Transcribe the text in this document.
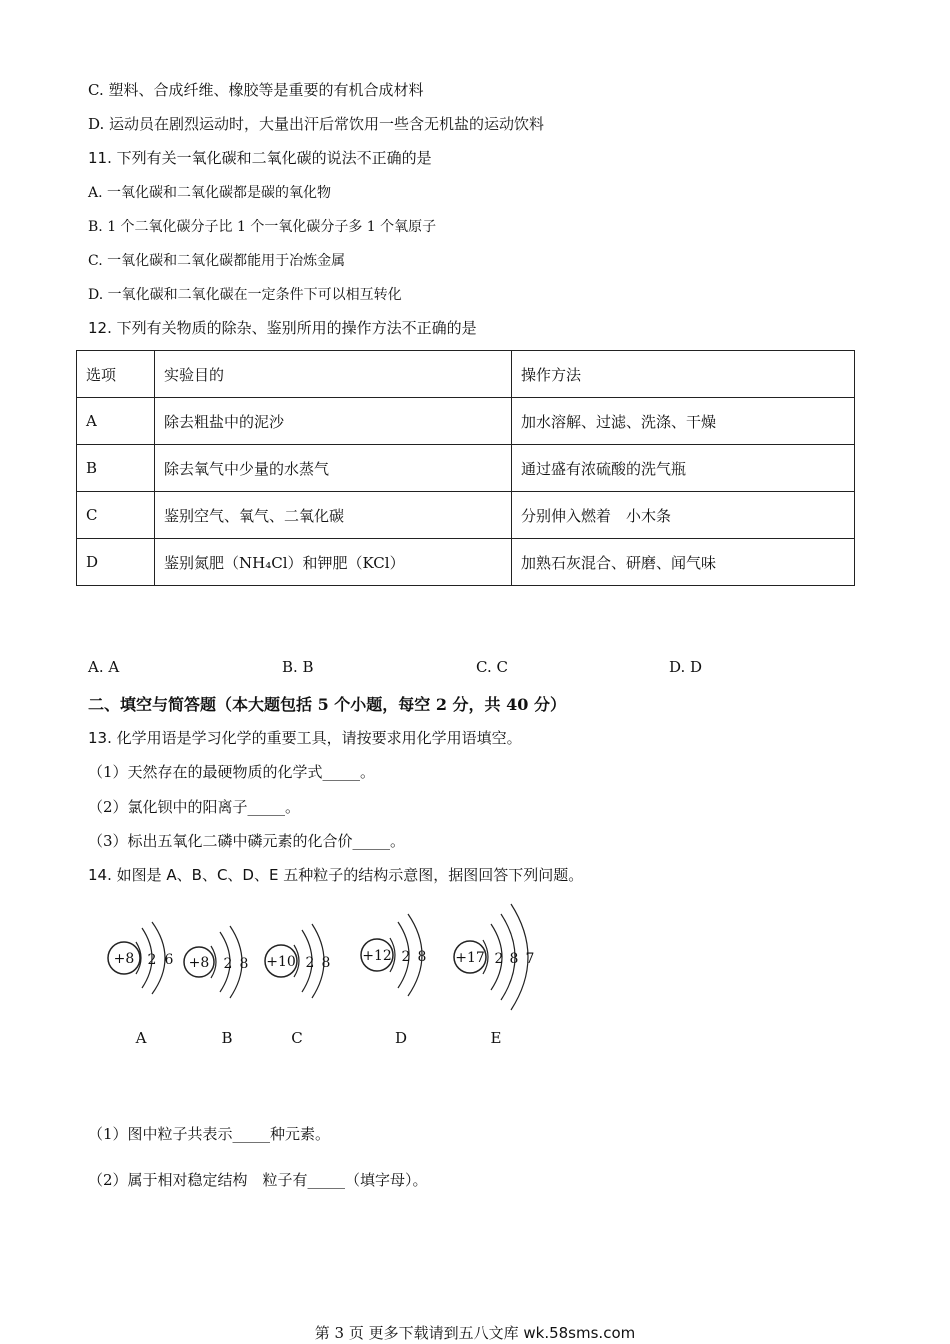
C. 塑料、合成纤维、橡胶等是重要的有机合成材料
D. 运动员在剧烈运动时，大量出汗后常饮用一些含无机盐的运动饮料
11. 下列有关一氧化碳和二氧化碳的说法不正确的是
A. 一氧化碳和二氧化碳都是碳的氧化物
B. 1 个二氧化碳分子比 1 个一氧化碳分子多 1 个氧原子
C. 一氧化碳和二氧化碳都能用于冶炼金属
D. 一氧化碳和二氧化碳在一定条件下可以相互转化
12. 下列有关物质的除杂、鉴别所用的操作方法不正确的是
选项	实验目的	操作方法
A	除去粗盐中的泥沙	加水溶解、过滤、洗涤、干燥
B	除去氧气中少量的水蒸气	通过盛有浓硫酸的洗气瓶
C	鉴别空气、氧气、二氧化碳	分别伸入燃着　小木条
D	鉴别氮肥（NH₄Cl）和钾肥（KCl）	加熟石灰混合、研磨、闻气味
A. A	B. B	C. C	D. D
二、填空与简答题（本大题包括 5 个小题，每空 2 分，共 40 分）
13. 化学用语是学习化学的重要工具，请按要求用化学用语填空。
（1）天然存在的最硬物质的化学式_____。
（2）氯化钡中的阳离子_____。
（3）标出五氧化二磷中磷元素的化合价_____。
14. 如图是 A、B、C、D、E 五种粒子的结构示意图，据图回答下列问题。
+8 2 6
A
+8 2 8
B
+10 2 8
C
+12 2 8
D
+17 2 8 7
E
（1）图中粒子共表示_____种元素。
（2）属于相对稳定结构　粒子有_____（填字母）。
第 3 页 更多下载请到五八文库 wk.58sms.com
